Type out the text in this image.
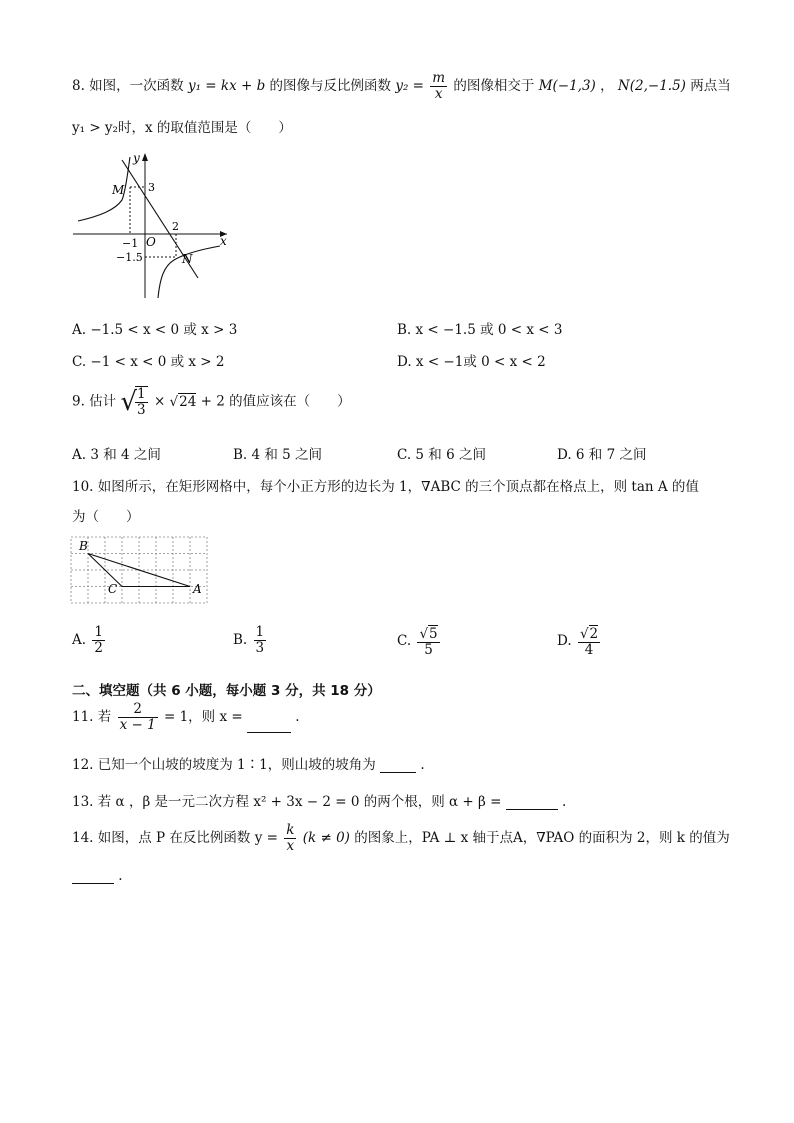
8. 如图，一次函数 y₁ = kx + b 的图像与反比例函数 $y_2 = \frac{m}{x}$ 的图像相交于 M(−1,3) ， N(2,−1.5) 两点当
y₁ > y₂时，x 的取值范围是（　　）
y
x
M
N
O
3
−1
2
−1.5
A. −1.5 < x < 0 或 x > 3	B. x < −1.5 或 0 < x < 3
C. −1 < x < 0 或 x > 2	D. x < −1或 0 < x < 2
9. 估计 √
$\frac{1}{3} \times √24 + 2$ 的值应该在（　　）
A. 3 和 4 之间	B. 4 和 5 之间	C. 5 和 6 之间	D. 6 和 7 之间
10. 如图所示，在矩形网格中，每个小正方形的边长为 1，∇ABC 的三个顶点都在格点上，则 tan A 的值
为（　　）
B
C	A
A. $\frac{1}{2}$	B. $\frac{1}{3}$	C. $\frac{√5}{5}$	D. $\frac{√2}{4}$
二、填空题（共 6 小题，每小题 3 分，共 18 分）
11. 若 $\frac{2}{x - 1} = 1$，则 x =	.
12. 已知一个山坡的坡度为 1∶1，则山坡的坡角为	.
13. 若 α ，β 是一元二次方程 x² + 3x − 2 = 0 的两个根，则 α + β =	.
14. 如图，点 P 在反比例函数 $y = \frac{k}{x} (k \ne 0)$ 的图象上，PA ⊥ x 轴于点A，∇PAO 的面积为 2，则 k 的值为
.
